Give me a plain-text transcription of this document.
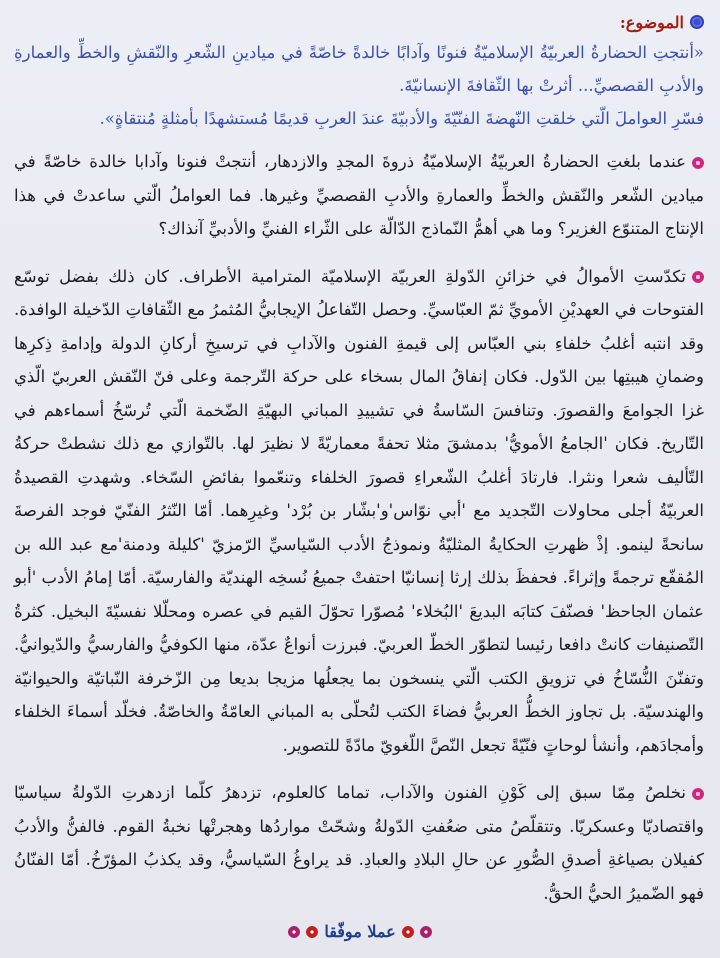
الموضوع:

«أنتجتِ الحضارةُ العربيّةُ الإسلاميّةُ فنونًا وآدابًا خالدةً خاصّةً في ميادينِ الشّعرِ والنّقشِ والخطِّ والعمارةِ والأدبِ القصصيِّ... أثرتْ بها الثّقافةَ الإنسانيّةَ.

فسّرِ العواملَ الّتي خلقتِ النّهضةَ الفنّيّةَ والأدبيّةَ عندَ العربِ قديمًا مُستشهدًا بأمثلةٍ مُنتقاةٍ».

عندما بلغتِ الحضارةُ العربيّةُ الإسلاميّةُ ذروةَ المجدِ والازدهار، أنتجتْ فنونا وآدابا خالدة خاصّةً في ميادين الشّعر والنّقش والخطِّ والعمارةِ والأدبِ القصصيِّ وغيرها. فما العواملُ الّتي ساعدتْ في هذا الإنتاج المتنوّع الغزير؟ وما هي أهمُّ النّماذج الدّالّة على الثّراء الفنيِّ والأدبيِّ آنذاك؟

تكدّستِ الأموالُ في خزائنِ الدّولةِ العربيّة الإسلاميّة المترامية الأطراف. كان ذلك بفضل توسّع الفتوحات في العهديْنِ الأمويِّ ثمّ العبّاسيِّ. وحصل التّفاعلُ الإيجابيُّ المُثمرُ مع الثّقافاتِ الدّخيلة الوافدة. وقد انتبه أغلبُ خلفاءِ بني العبّاس إلى قيمةِ الفنون والآدابِ في ترسيخِ أركانِ الدولة وإدامةِ ذِكرِها وضمانِ هيبتِها بين الدّول. فكان إنفاقُ المال بسخاء على حركة التّرجمة وعلى فنّ النّقش العربيّ الّذي غزا الجوامعَ والقصورَ. وتنافسَ السّاسةُ في تشييدِ المباني البهيّةِ الضّخمة الّتي تُرسّخُ أسماءهم في التّاريخ. فكان 'الجامعُ الأمويُّ' بدمشقَ مثلا تحفةً معماريّةً لا نظيرَ لها. بالتّوازي مع ذلك نشطتْ حركةُ التّأليف شعرا ونثرا. فارتادَ أغلبُ الشّعراءِ قصورَ الخلفاء وتنعّموا بفائضِ السّخاء. وشهدتِ القصيدةُ العربيّةُ أجلى محاولات التّجديد مع 'أبي نوّاس'و'بشّار بن بُرْد' وغيرِهما. أمّا النّثرُ الفنّيّ فوجد الفرصةَ سانحةً لينمو. إذْ ظهرتِ الحكايةُ المثليّةُ ونموذجُ الأدب السّياسيِّ الرّمزيّ 'كليلة ودمنة'مع عبد الله بن المُقفّع ترجمةً وإثراءً. فحفظَ بذلك إرثا إنسانيّا احتفتْ جميعُ نُسخِه الهنديّة والفارسيّة. أمّا إمامُ الأدب 'أبو عثمان الجاحظ' فصنّفَ كتابَه البديعَ 'البُخلاء' مُصوّرا تحوّلَ القيم في عصره ومحلّلا نفسيّةَ البخيل. كثرةُ التّصنيفات كانتْ دافعا رئيسا لتطوّر الخطّ العربيّ. فبرزت أنواعٌ عدّة، منها الكوفيُّ والفارسيُّ والدّيوانيُّ. وتفنّنَ النُّسّاخُ في تزويقِ الكتب الّتي ينسخون بما يجعلُها مزيجا بديعا مِن الزّخرفة النّباتيّة والحيوانيّة والهندسيّة. بل تجاوز الخطُّ العربيُّ فضاءَ الكتب لتُحلّى به المباني العامّةُ والخاصّةُ. فخلّد أسماءَ الخلفاء وأمجادَهم، وأنشأ لوحاتٍ فنّيّةً تجعل النّصَّ اللّغويّ مادّةً للتصوير.

نخلصُ مِمّا سبق إلى كَوْنِ الفنون والآداب، تماما كالعلوم، تزدهرُ كلّما ازدهرتِ الدّولةُ سياسيّا واقتصاديّا وعسكريّا. وتتقلّصُ متى ضعُفتِ الدّولةُ وشحّتْ مواردُها وهجرتْها نخبةُ القوم. فالفنُّ والأدبُ كفيلان بصياغةِ أصدقِ الصُّورِ عن حالِ البلادِ والعبادِ. قد يراوغُ السّياسيُّ، وقد يكذبُ المؤرّخُ. أمّا الفنّانُ فهو الضّميرُ الحيُّ الحقُّ.

عملا موفّقا
